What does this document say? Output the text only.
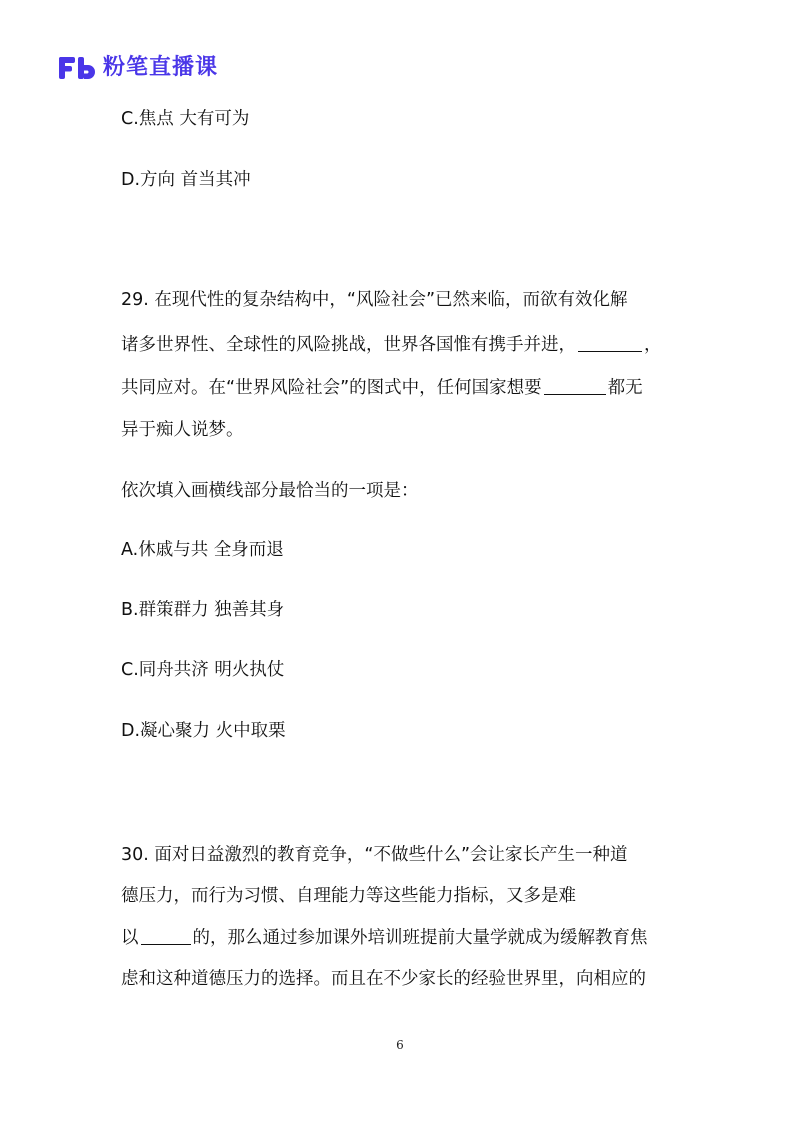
粉笔直播课
C.焦点 大有可为
D.方向 首当其冲
29. 在现代性的复杂结构中，“风险社会”已然来临，而欲有效化解
诸多世界性、全球性的风险挑战，世界各国惟有携手并进，	，
共同应对。在“世界风险社会”的图式中，任何国家想要	都无
异于痴人说梦。
依次填入画横线部分最恰当的一项是：
A.休戚与共 全身而退
B.群策群力 独善其身
C.同舟共济 明火执仗
D.凝心聚力 火中取栗
30. 面对日益激烈的教育竞争，“不做些什么”会让家长产生一种道
德压力，而行为习惯、自理能力等这些能力指标，又多是难
以	的，那么通过参加课外培训班提前大量学就成为缓解教育焦
虑和这种道德压力的选择。而且在不少家长的经验世界里，向相应的
6
